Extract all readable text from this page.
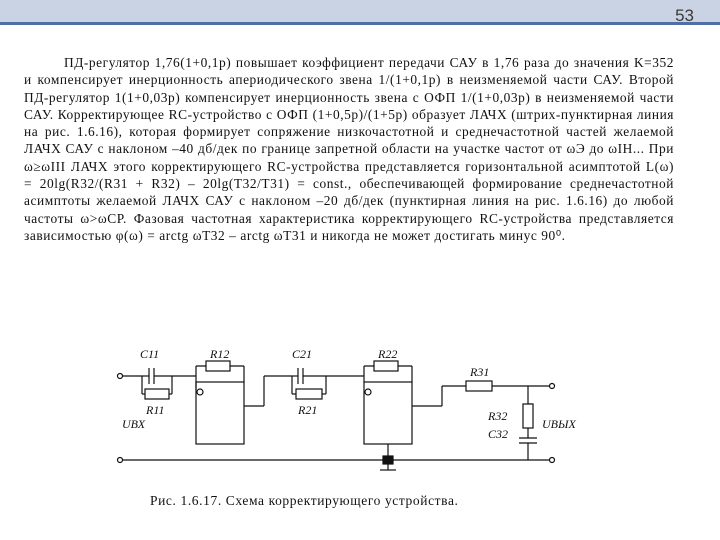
53

ПД-регулятор 1,76(1+0,1p) повышает коэффициент передачи САУ в 1,76 раза до значения K=352 и компенсирует инерционность апериодического звена 1/(1+0,1p) в неизменяемой части САУ. Второй ПД-регулятор 1(1+0,03p) компенсирует инерционность звена с ОФП 1/(1+0,03p) в неизменяемой части САУ. Корректирующее RC-устройство с ОФП (1+0,5p)/(1+5p) образует ЛАЧХ (штрих-пунктирная линия на рис. 1.6.16), которая формирует сопряжение низкочастотной и среднечастотной частей желаемой ЛАЧХ САУ с наклоном –40 дб/дек по границе запретной области на участке частот от ωЭ до ωIH... При ω≥ωIII ЛАЧХ этого корректирующего RC-устройства представляется горизонтальной асимптотой L(ω) = 20lg(R32/(R31 + R32) – 20lg(T32/T31) = const., обеспечивающей формирование среднечастотной асимптоты желаемой ЛАЧХ САУ с наклоном –20 дб/дек (пунктирная линия на рис. 1.6.16) до любой частоты ω>ωСР. Фазовая частотная характеристика корректирующего RC-устройства представляется зависимостью φ(ω) = arctg ωT32 – arctg ωT31 и никогда не может достигать минус 90⁰.

C11	R12	C21	R22
R11	R21
R31
R32
C32
UВХ	UВЫХ
Рис. 1.6.17. Схема корректирующего устройства.
